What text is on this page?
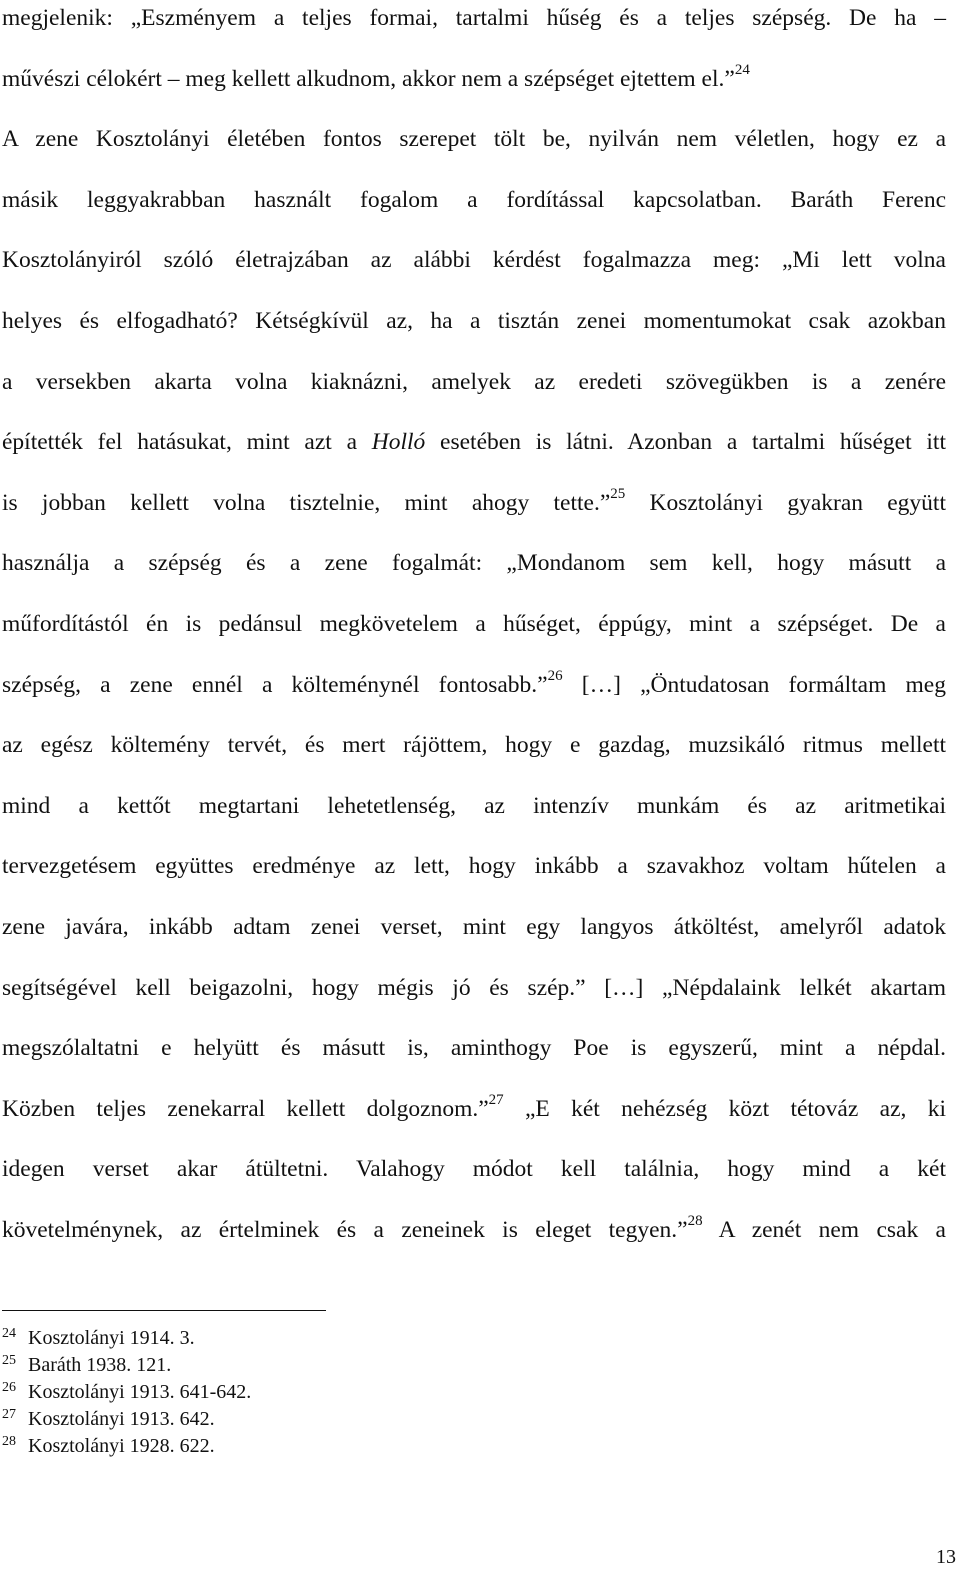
megjelenik: „Eszményem a teljes formai, tartalmi hűség és a teljes szépség. De ha –
művészi célokért – meg kellett alkudnom, akkor nem a szépséget ejtettem el.”$^{24}$
A zene Kosztolányi életében fontos szerepet tölt be, nyilván nem véletlen, hogy ez a
másik leggyakrabban használt fogalom a fordítással kapcsolatban. Baráth Ferenc
Kosztolányiról szóló életrajzában az alábbi kérdést fogalmazza meg: „Mi lett volna
helyes és elfogadható? Kétségkívül az, ha a tisztán zenei momentumokat csak azokban
a versekben akarta volna kiaknázni, amelyek az eredeti szövegükben is a zenére
építették fel hatásukat, mint azt a Holló esetében is látni. Azonban a tartalmi hűséget itt
is jobban kellett volna tisztelnie, mint ahogy tette.”$^{25}$ Kosztolányi gyakran együtt
használja a szépség és a zene fogalmát: „Mondanom sem kell, hogy másutt a
műfordítástól én is pedánsul megkövetelem a hűséget, éppúgy, mint a szépséget. De a
szépség, a zene ennél a költeménynél fontosabb.”$^{26}$ […] „Öntudatosan formáltam meg
az egész költemény tervét, és mert rájöttem, hogy e gazdag, muzsikáló ritmus mellett
mind a kettőt megtartani lehetetlenség, az intenzív munkám és az aritmetikai
tervezgetésem együttes eredménye az lett, hogy inkább a szavakhoz voltam hűtelen a
zene javára, inkább adtam zenei verset, mint egy langyos átköltést, amelyről adatok
segítségével kell beigazolni, hogy mégis jó és szép.” […] „Népdalaink lelkét akartam
megszólaltatni e helyütt és másutt is, aminthogy Poe is egyszerű, mint a népdal.
Közben teljes zenekarral kellett dolgoznom.”$^{27}$ „E két nehézség közt tétováz az, ki
idegen verset akar átültetni. Valahogy módot kell találnia, hogy mind a két
követelménynek, az értelminek és a zeneinek is eleget tegyen.”$^{28}$ A zenét nem csak a
24 Kosztolányi 1914. 3.
25 Baráth 1938. 121.
26 Kosztolányi 1913. 641-642.
27 Kosztolányi 1913. 642.
28 Kosztolányi 1928. 622.
13
